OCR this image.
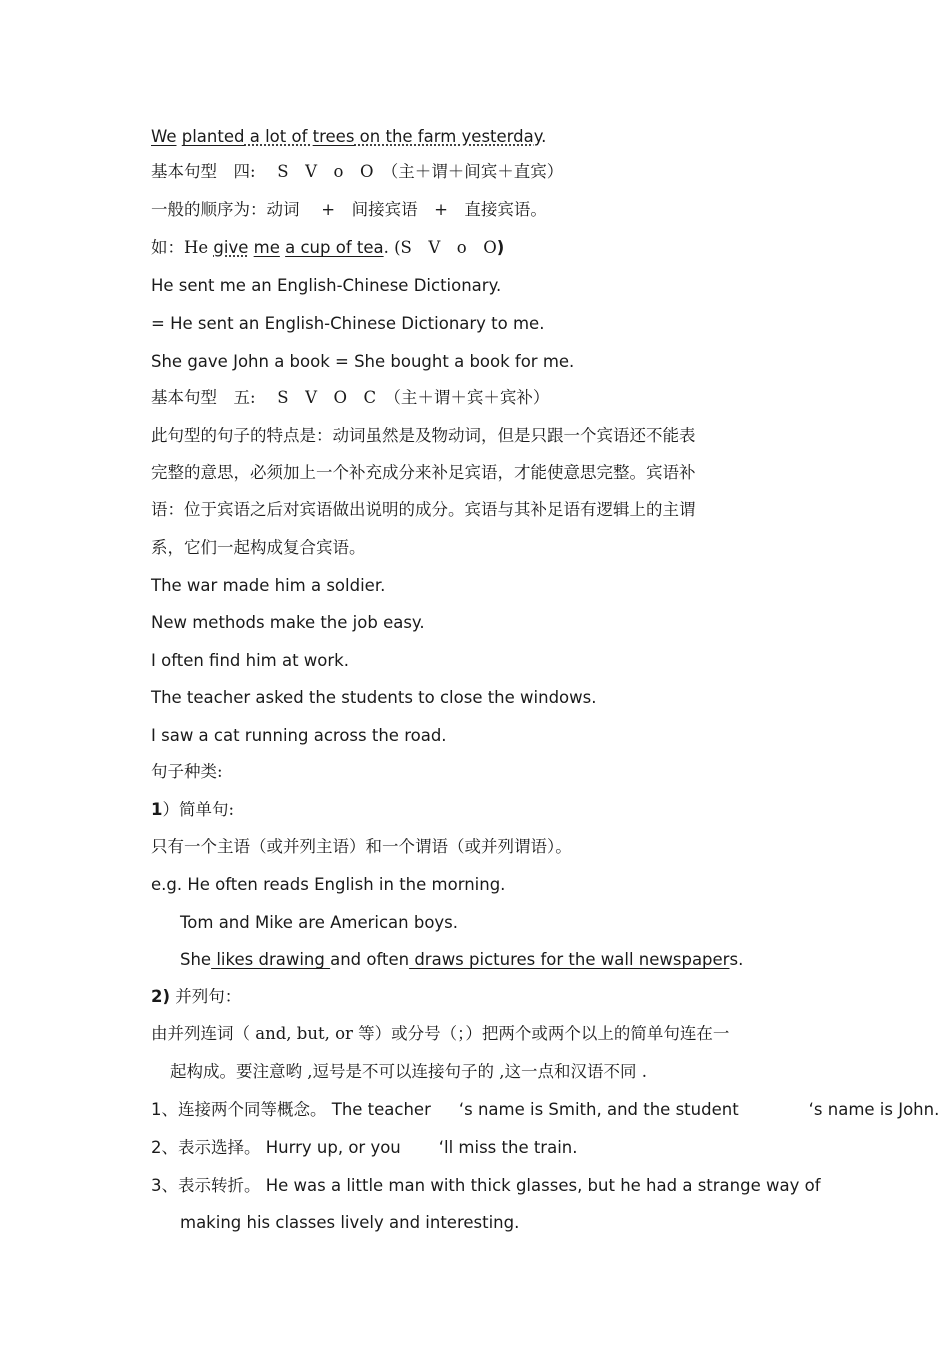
We planted a lot of trees on the farm yesterday.
基本句型　四:　 S　V　o　O　（主＋谓＋间宾＋直宾）
一般的顺序为：动词　 +　间接宾语　+　直接宾语。
如：He give me a cup of tea. (S　V　o　O)
He sent me an English-Chinese Dictionary.
= He sent an English-Chinese Dictionary to me.
She gave John a book = She bought a book for me.
基本句型　五:　 S　V　O　C　（主＋谓＋宾＋宾补）
此句型的句子的特点是：动词虽然是及物动词，但是只跟一个宾语还不能表
完整的意思，必须加上一个补充成分来补足宾语，才能使意思完整。宾语补
语：位于宾语之后对宾语做出说明的成分。宾语与其补足语有逻辑上的主谓
系，它们一起构成复合宾语。
The war made him a soldier.
New methods make the job easy.
I often find him at work.
The teacher asked the students to close the windows.
I saw a cat running across the road.
句子种类:
1）简单句:
只有一个主语（或并列主语）和一个谓语（或并列谓语）。
e.g. He often reads English in the morning.
Tom and Mike are American boys.
She likes drawing and often draws pictures for the wall newspapers.
2) 并列句：
由并列连词（ and, but, or 等）或分号（；）把两个或两个以上的简单句连在一
起构成。要注意哟 ,逗号是不可以连接句子的 ,这一点和汉语不同 .
1、连接两个同等概念。 The teacher ‘s name is Smith, and the student	‘s name is John.
2、表示选择。 Hurry up, or you ‘ll miss the train.
3、表示转折。 He was a little man with thick glasses, but he had a strange way of
making his classes lively and interesting.
